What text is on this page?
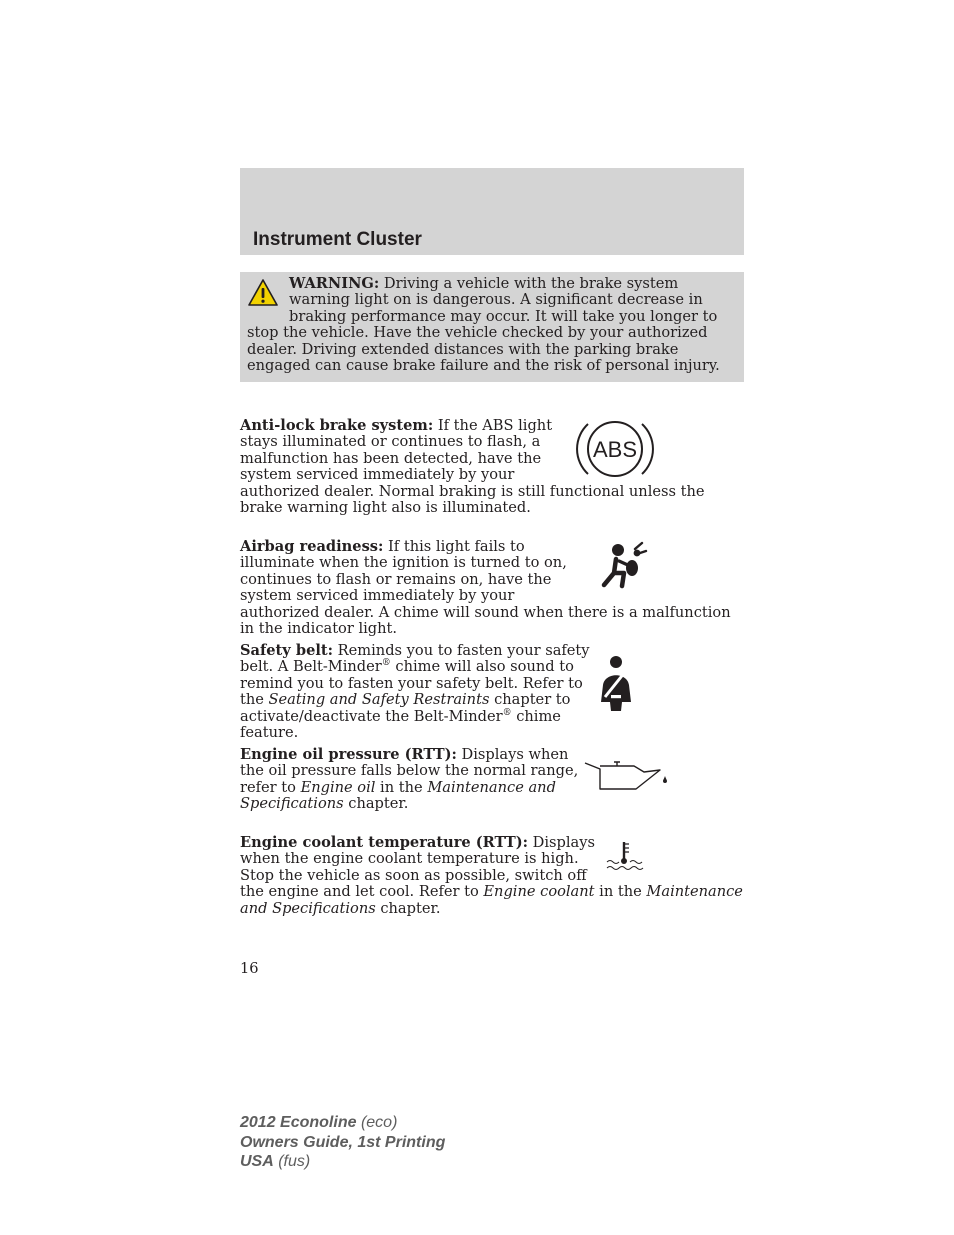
Instrument Cluster
WARNING: Driving a vehicle with the brake system warning light on is dangerous. A significant decrease in braking performance may occur. It will take you longer to stop the vehicle. Have the vehicle checked by your authorized dealer. Driving extended distances with the parking brake engaged can cause brake failure and the risk of personal injury.
ABS

Anti-lock brake system: If the ABS light stays illuminated or continues to flash, a malfunction has been detected, have the system serviced immediately by your authorized dealer. Normal braking is still functional unless the brake warning light also is illuminated.

Airbag readiness: If this light fails to illuminate when the ignition is turned to on, continues to flash or remains on, have the system serviced immediately by your authorized dealer. A chime will sound when there is a malfunction in the indicator light.

Safety belt: Reminds you to fasten your safety belt. A Belt-Minder® chime will also sound to remind you to fasten your safety belt. Refer to the Seating and Safety Restraints chapter to activate/deactivate the Belt-Minder® chime feature.

Engine oil pressure (RTT): Displays when the oil pressure falls below the normal range, refer to Engine oil in the Maintenance and Specifications chapter.

Engine coolant temperature (RTT): Displays when the engine coolant temperature is high. Stop the vehicle as soon as possible, switch off the engine and let cool. Refer to Engine coolant in the Maintenance and Specifications chapter.

16
2012 Econoline (eco)
Owners Guide, 1st Printing
USA (fus)
